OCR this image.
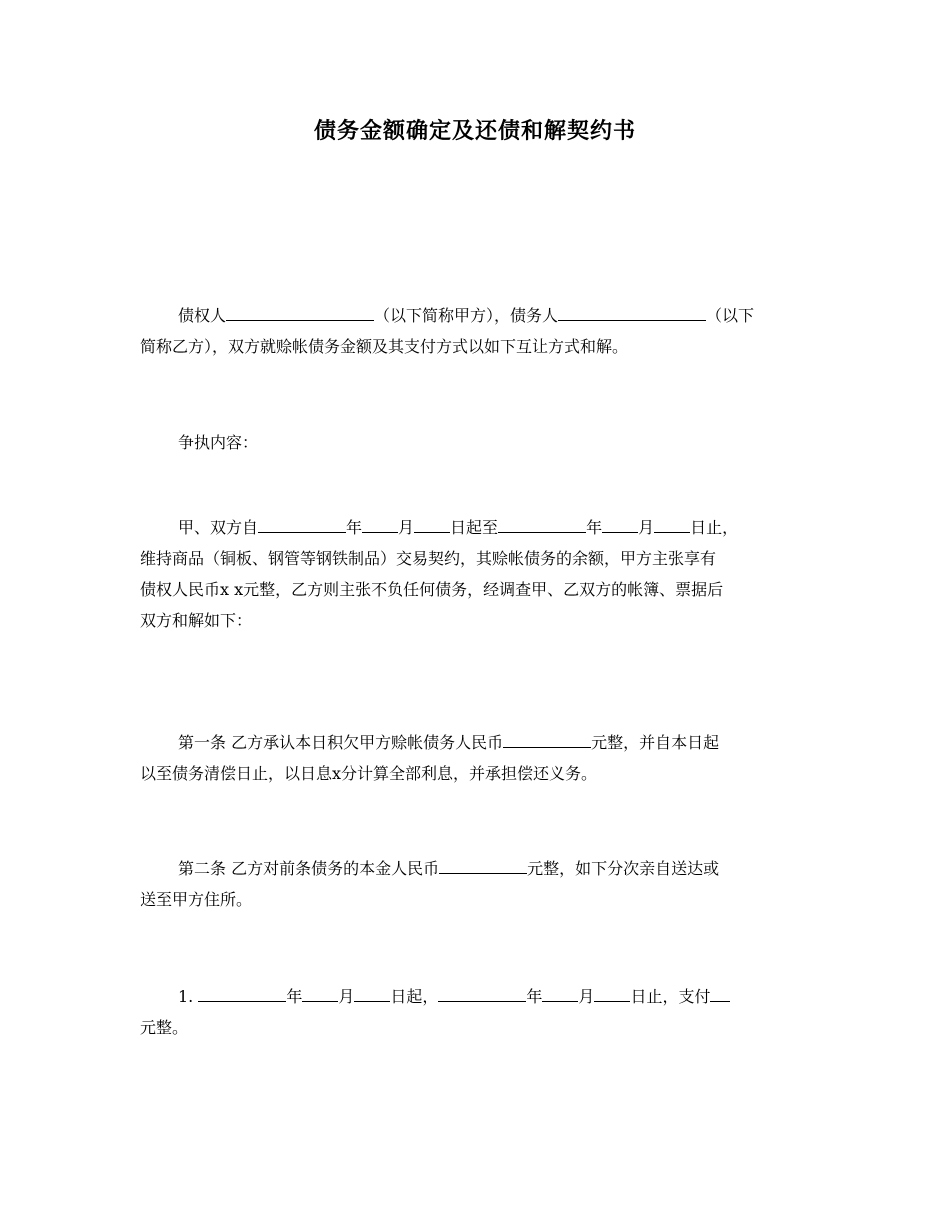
债务金额确定及还债和解契约书
债权人	（以下简称甲方），债务人	（以下
简称乙方），双方就赊帐债务金额及其支付方式以如下互让方式和解。
争执内容：
甲、双方自	年 月 日起至	年 月 日止，
维持商品（铜板、钢管等钢铁制品）交易契约，其赊帐债务的余额，甲方主张享有
债权人民币x x元整，乙方则主张不负任何债务，经调查甲、乙双方的帐簿、票据后
双方和解如下：
第一条 乙方承认本日积欠甲方赊帐债务人民币	元整，并自本日起
以至债务清偿日止，以日息x分计算全部利息，并承担偿还义务。
第二条 乙方对前条债务的本金人民币	元整，如下分次亲自送达或
送至甲方住所。
1.	年 月 日起，	年 月 日止，支付
元整。
